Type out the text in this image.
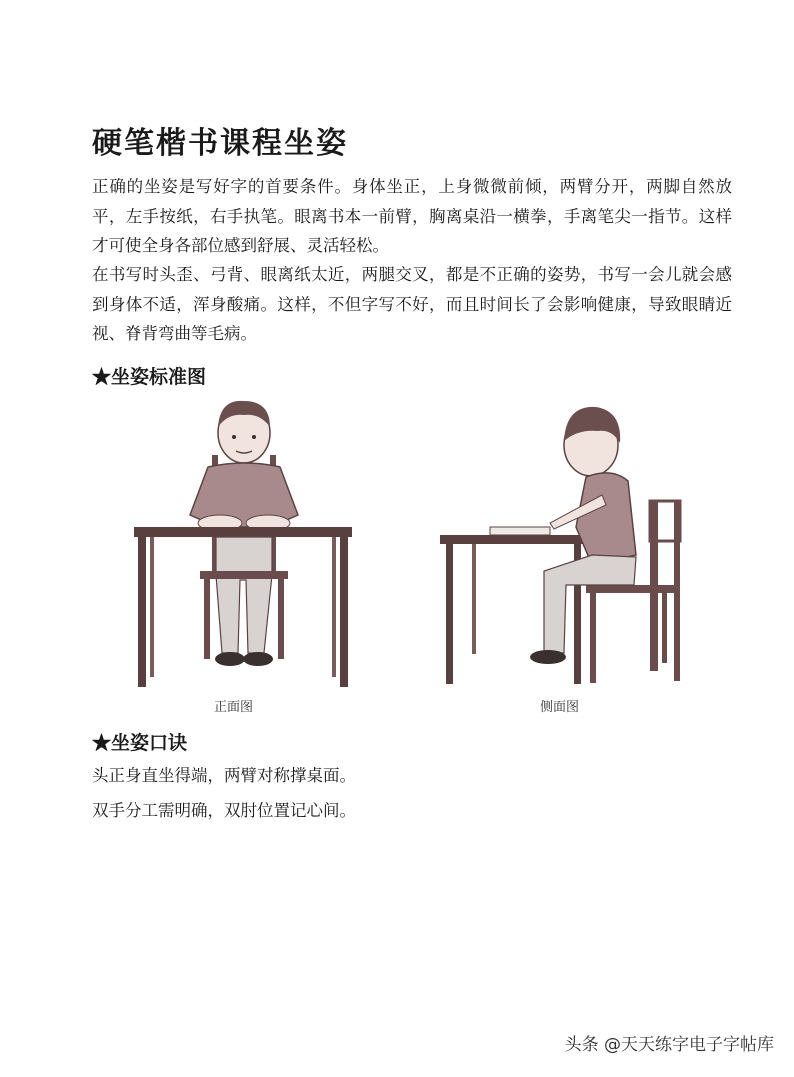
硬笔楷书课程坐姿

正确的坐姿是写好字的首要条件。身体坐正，上身微微前倾，两臂分开，两脚自然放平，左手按纸，右手执笔。眼离书本一前臂，胸离桌沿一横拳，手离笔尖一指节。这样才可使全身各部位感到舒展、灵活轻松。

在书写时头歪、弓背、眼离纸太近，两腿交叉，都是不正确的姿势，书写一会儿就会感到身体不适，浑身酸痛。这样，不但字写不好，而且时间长了会影响健康，导致眼睛近视、脊背弯曲等毛病。

★坐姿标准图
正面图	侧面图
★坐姿口诀

头正身直坐得端，两臂对称撑桌面。

双手分工需明确，双肘位置记心间。

头条 @天天练字电子字帖库
